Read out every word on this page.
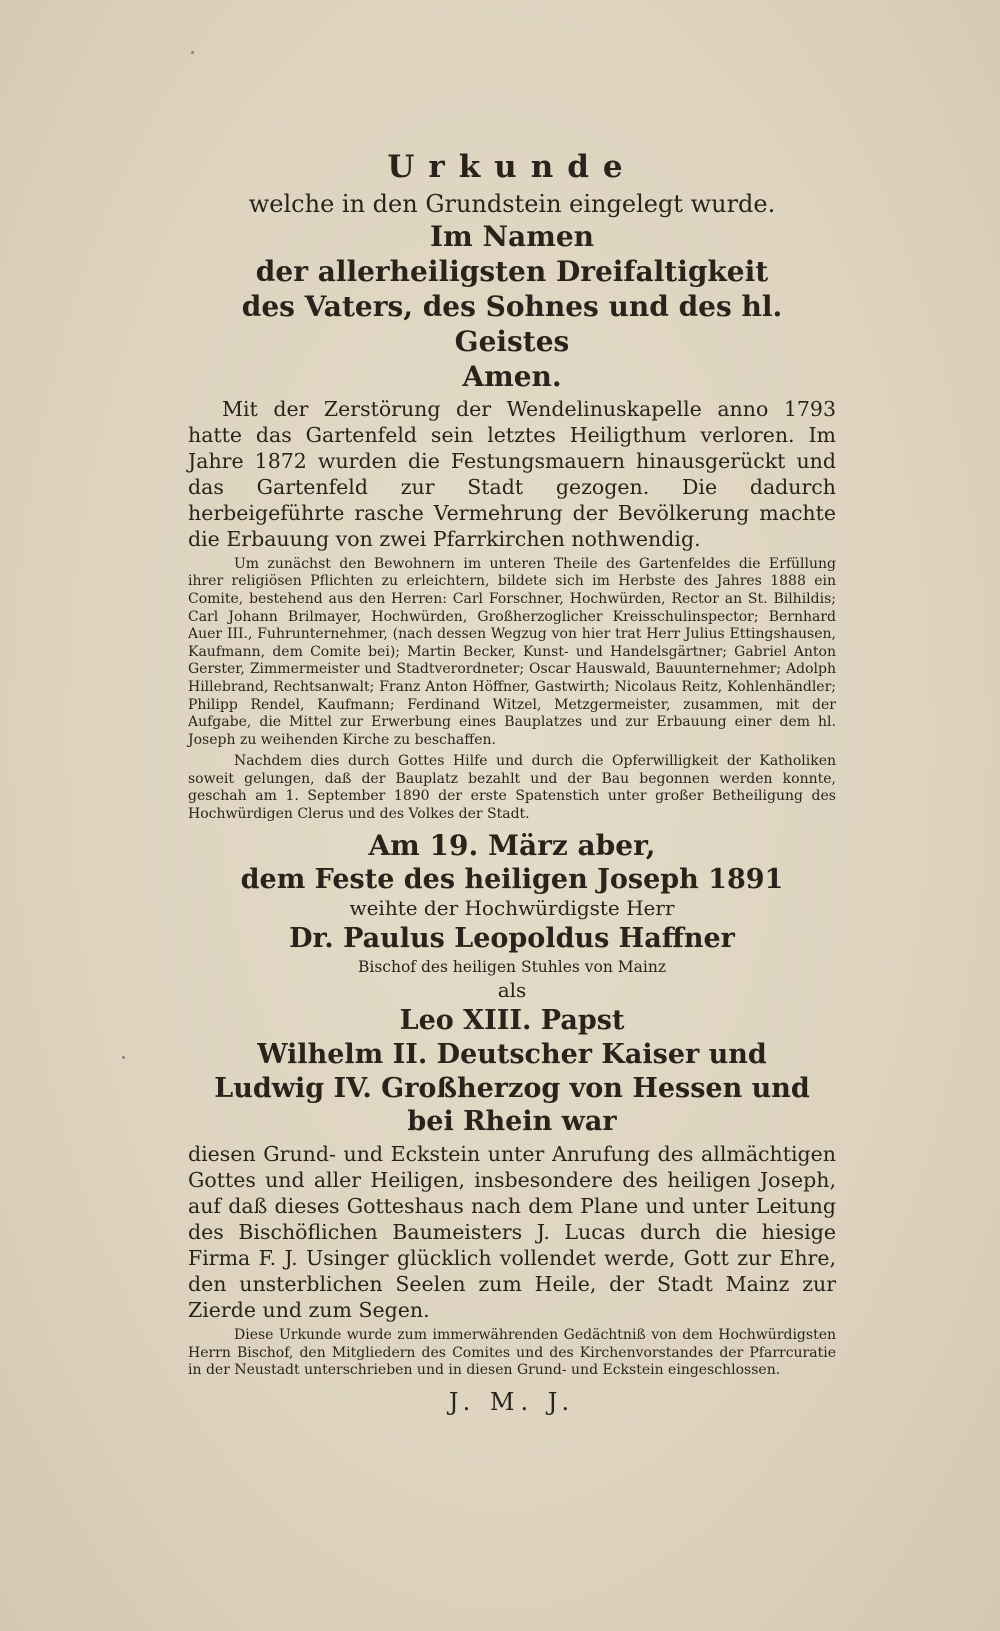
Urkunde

welche in den Grundstein eingelegt wurde.

Im Namen

der allerheiligsten Dreifaltigkeit

des Vaters, des Sohnes und des hl. Geistes

Amen.

Mit der Zerstörung der Wendelinuskapelle anno 1793 hatte das Gartenfeld sein letztes Heiligthum verloren. Im Jahre 1872 wurden die Festungsmauern hinausgerückt und das Gartenfeld zur Stadt gezogen. Die dadurch herbeigeführte rasche Vermehrung der Bevölkerung machte die Erbauung von zwei Pfarrkirchen nothwendig.

Um zunächst den Bewohnern im unteren Theile des Gartenfeldes die Erfüllung ihrer religiösen Pflichten zu erleichtern, bildete sich im Herbste des Jahres 1888 ein Comite, bestehend aus den Herren: Carl Forschner, Hochwürden, Rector an St. Bilhildis; Carl Johann Brilmayer, Hochwürden, Großherzoglicher Kreisschulinspector; Bernhard Auer III., Fuhrunternehmer, (nach dessen Wegzug von hier trat Herr Julius Ettingshausen, Kaufmann, dem Comite bei); Martin Becker, Kunst- und Handelsgärtner; Gabriel Anton Gerster, Zimmermeister und Stadtverordneter; Oscar Hauswald, Bauunternehmer; Adolph Hillebrand, Rechtsanwalt; Franz Anton Höffner, Gastwirth; Nicolaus Reitz, Kohlenhändler; Philipp Rendel, Kaufmann; Ferdinand Witzel, Metzgermeister, zusammen, mit der Aufgabe, die Mittel zur Erwerbung eines Bauplatzes und zur Erbauung einer dem hl. Joseph zu weihenden Kirche zu beschaffen.

Nachdem dies durch Gottes Hilfe und durch die Opferwilligkeit der Katholiken soweit gelungen, daß der Bauplatz bezahlt und der Bau begonnen werden konnte, geschah am 1. September 1890 der erste Spatenstich unter großer Betheiligung des Hochwürdigen Clerus und des Volkes der Stadt.

Am 19. März aber,

dem Feste des heiligen Joseph 1891

weihte der Hochwürdigste Herr

Dr. Paulus Leopoldus Haffner

Bischof des heiligen Stuhles von Mainz

als

Leo XIII. Papst

Wilhelm II. Deutscher Kaiser und

Ludwig IV. Großherzog von Hessen und

bei Rhein war

diesen Grund- und Eckstein unter Anrufung des allmächtigen Gottes und aller Heiligen, insbesondere des heiligen Joseph, auf daß dieses Gotteshaus nach dem Plane und unter Leitung des Bischöflichen Baumeisters J. Lucas durch die hiesige Firma F. J. Usinger glücklich vollendet werde, Gott zur Ehre, den unsterblichen Seelen zum Heile, der Stadt Mainz zur Zierde und zum Segen.

Diese Urkunde wurde zum immerwährenden Gedächtniß von dem Hochwürdigsten Herrn Bischof, den Mitgliedern des Comites und des Kirchenvorstandes der Pfarrcuratie in der Neustadt unterschrieben und in diesen Grund- und Eckstein eingeschlossen.

J. M. J.
